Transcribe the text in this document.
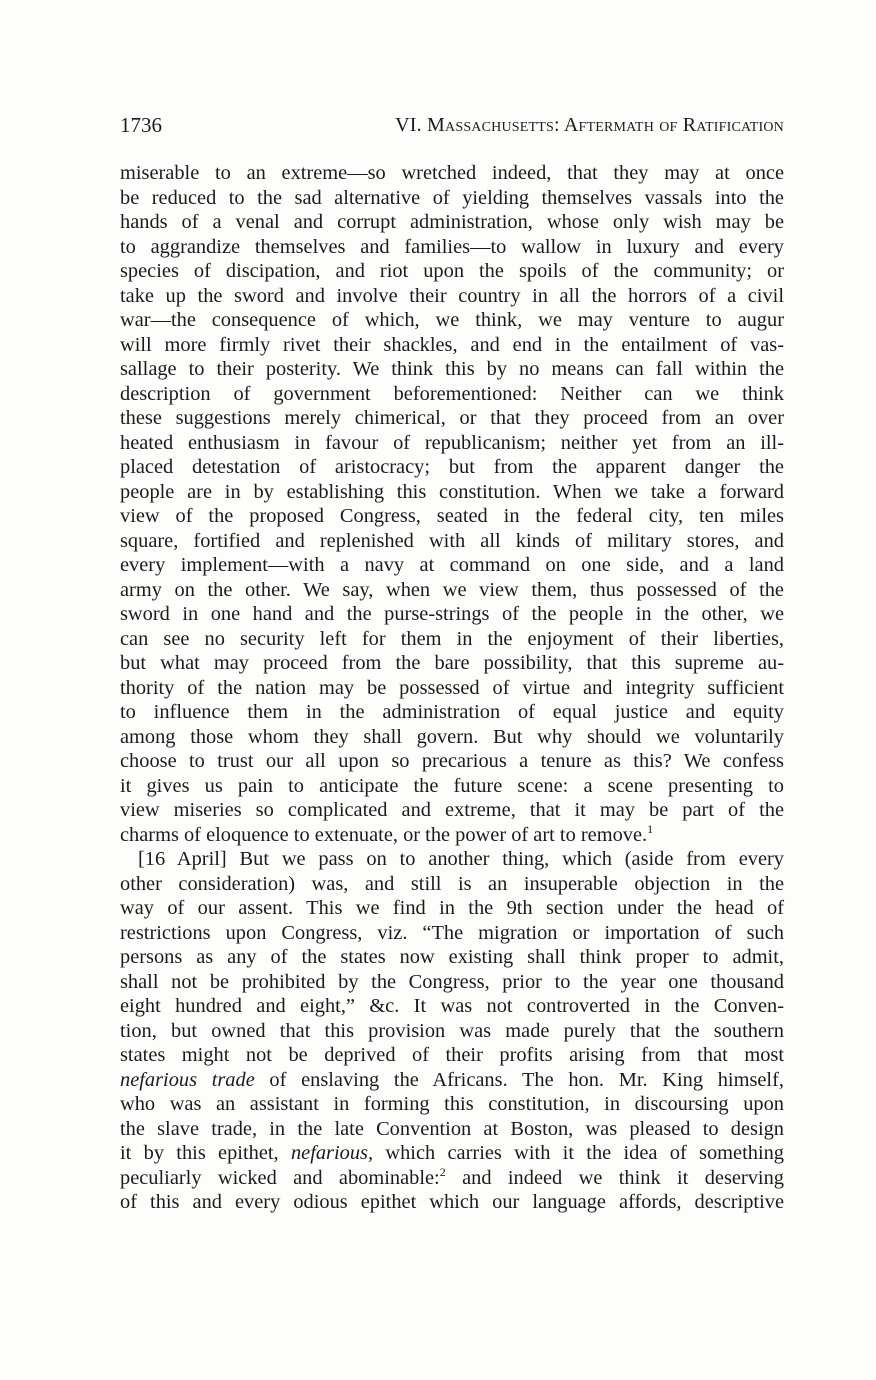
1736	VI. Massachusetts: Aftermath of Ratification
miserable to an extreme—so wretched indeed, that they may at once
be reduced to the sad alternative of yielding themselves vassals into the
hands of a venal and corrupt administration, whose only wish may be
to aggrandize themselves and families—to wallow in luxury and every
species of discipation, and riot upon the spoils of the community; or
take up the sword and involve their country in all the horrors of a civil
war—the consequence of which, we think, we may venture to augur
will more firmly rivet their shackles, and end in the entailment of vas-
sallage to their posterity. We think this by no means can fall within the
description of government beforementioned: Neither can we think
these suggestions merely chimerical, or that they proceed from an over
heated enthusiasm in favour of republicanism; neither yet from an ill-
placed detestation of aristocracy; but from the apparent danger the
people are in by establishing this constitution. When we take a forward
view of the proposed Congress, seated in the federal city, ten miles
square, fortified and replenished with all kinds of military stores, and
every implement—with a navy at command on one side, and a land
army on the other. We say, when we view them, thus possessed of the
sword in one hand and the purse-strings of the people in the other, we
can see no security left for them in the enjoyment of their liberties,
but what may proceed from the bare possibility, that this supreme au-
thority of the nation may be possessed of virtue and integrity sufficient
to influence them in the administration of equal justice and equity
among those whom they shall govern. But why should we voluntarily
choose to trust our all upon so precarious a tenure as this? We confess
it gives us pain to anticipate the future scene: a scene presenting to
view miseries so complicated and extreme, that it may be part of the
charms of eloquence to extenuate, or the power of art to remove.$^1$
[16 April] But we pass on to another thing, which (aside from every
other consideration) was, and still is an insuperable objection in the
way of our assent. This we find in the 9th section under the head of
restrictions upon Congress, viz. “The migration or importation of such
persons as any of the states now existing shall think proper to admit,
shall not be prohibited by the Congress, prior to the year one thousand
eight hundred and eight,” &c. It was not controverted in the Conven-
tion, but owned that this provision was made purely that the southern
states might not be deprived of their profits arising from that most
nefarious trade of enslaving the Africans. The hon. Mr. King himself,
who was an assistant in forming this constitution, in discoursing upon
the slave trade, in the late Convention at Boston, was pleased to design
it by this epithet, nefarious, which carries with it the idea of something
peculiarly wicked and abominable:$^2$ and indeed we think it deserving
of this and every odious epithet which our language affords, descriptive
